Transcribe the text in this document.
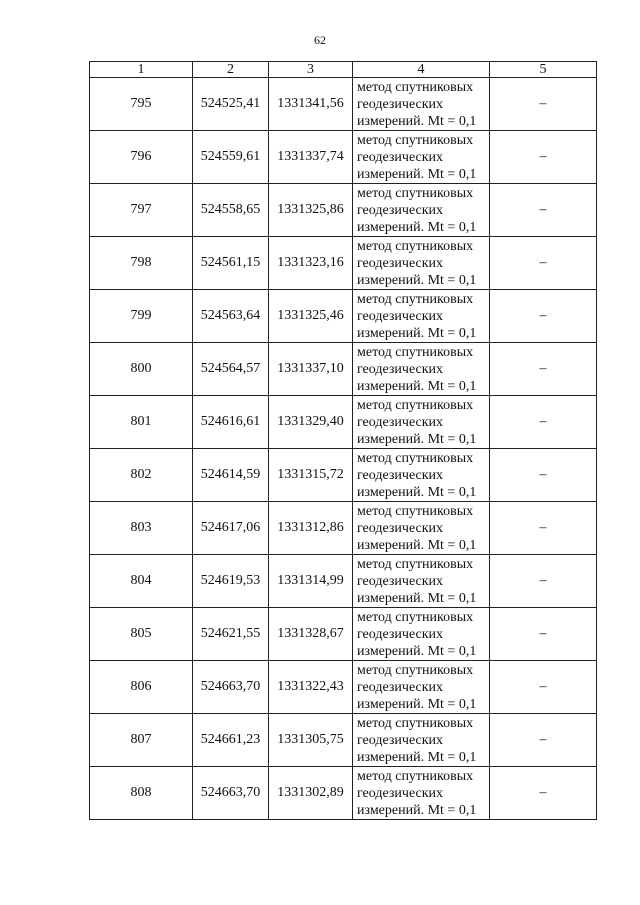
62
1	2	3	4	5
795	524525,41	1331341,56	метод спутниковых
геодезических
измерений. Mt = 0,1	–
796	524559,61	1331337,74	метод спутниковых
геодезических
измерений. Mt = 0,1	–
797	524558,65	1331325,86	метод спутниковых
геодезических
измерений. Mt = 0,1	–
798	524561,15	1331323,16	метод спутниковых
геодезических
измерений. Mt = 0,1	–
799	524563,64	1331325,46	метод спутниковых
геодезических
измерений. Mt = 0,1	–
800	524564,57	1331337,10	метод спутниковых
геодезических
измерений. Mt = 0,1	–
801	524616,61	1331329,40	метод спутниковых
геодезических
измерений. Mt = 0,1	–
802	524614,59	1331315,72	метод спутниковых
геодезических
измерений. Mt = 0,1	–
803	524617,06	1331312,86	метод спутниковых
геодезических
измерений. Mt = 0,1	–
804	524619,53	1331314,99	метод спутниковых
геодезических
измерений. Mt = 0,1	–
805	524621,55	1331328,67	метод спутниковых
геодезических
измерений. Mt = 0,1	–
806	524663,70	1331322,43	метод спутниковых
геодезических
измерений. Mt = 0,1	–
807	524661,23	1331305,75	метод спутниковых
геодезических
измерений. Mt = 0,1	–
808	524663,70	1331302,89	метод спутниковых
геодезических
измерений. Mt = 0,1	–
